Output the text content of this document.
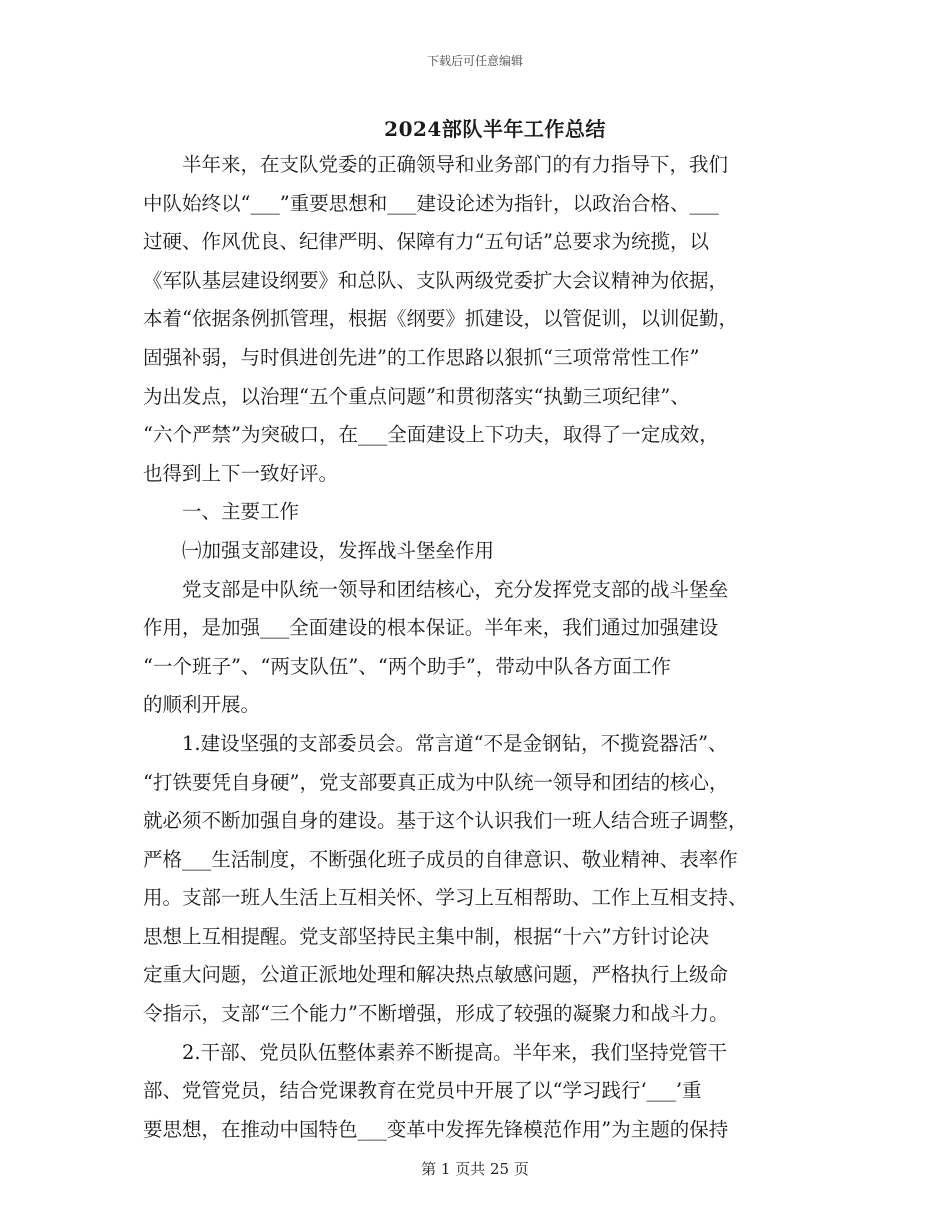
下载后可任意编辑
2024部队半年工作总结
半年来，在支队党委的正确领导和业务部门的有力指导下，我们
中队始终以“___”重要思想和___建设论述为指针，以政治合格、___
过硬、作风优良、纪律严明、保障有力“五句话”总要求为统揽，以
《军队基层建设纲要》和总队、支队两级党委扩大会议精神为依据，
本着“依据条例抓管理，根据《纲要》抓建设，以管促训，以训促勤，
固强补弱，与时俱进创先进”的工作思路以狠抓“三项常常性工作”
为出发点，以治理“五个重点问题”和贯彻落实“执勤三项纪律”、
“六个严禁”为突破口，在___全面建设上下功夫，取得了一定成效，
也得到上下一致好评。
一、主要工作
㈠加强支部建设，发挥战斗堡垒作用
党支部是中队统一领导和团结核心，充分发挥党支部的战斗堡垒
作用，是加强___全面建设的根本保证。半年来，我们通过加强建设
“一个班子”、“两支队伍”、“两个助手”，带动中队各方面工作
的顺利开展。
1.建设坚强的支部委员会。常言道“不是金钢钻，不揽瓷器活”、
“打铁要凭自身硬”，党支部要真正成为中队统一领导和团结的核心，
就必须不断加强自身的建设。基于这个认识我们一班人结合班子调整，
严格___生活制度，不断强化班子成员的自律意识、敬业精神、表率作
用。支部一班人生活上互相关怀、学习上互相帮助、工作上互相支持、
思想上互相提醒。党支部坚持民主集中制，根据“十六”方针讨论决
定重大问题，公道正派地处理和解决热点敏感问题，严格执行上级命
令指示，支部“三个能力”不断增强，形成了较强的凝聚力和战斗力。
2.干部、党员队伍整体素养不断提高。半年来，我们坚持党管干
部、党管党员，结合党课教育在党员中开展了以“学习践行‘___’重
要思想，在推动中国特色___变革中发挥先锋模范作用”为主题的保持
第 1 页共 25 页
